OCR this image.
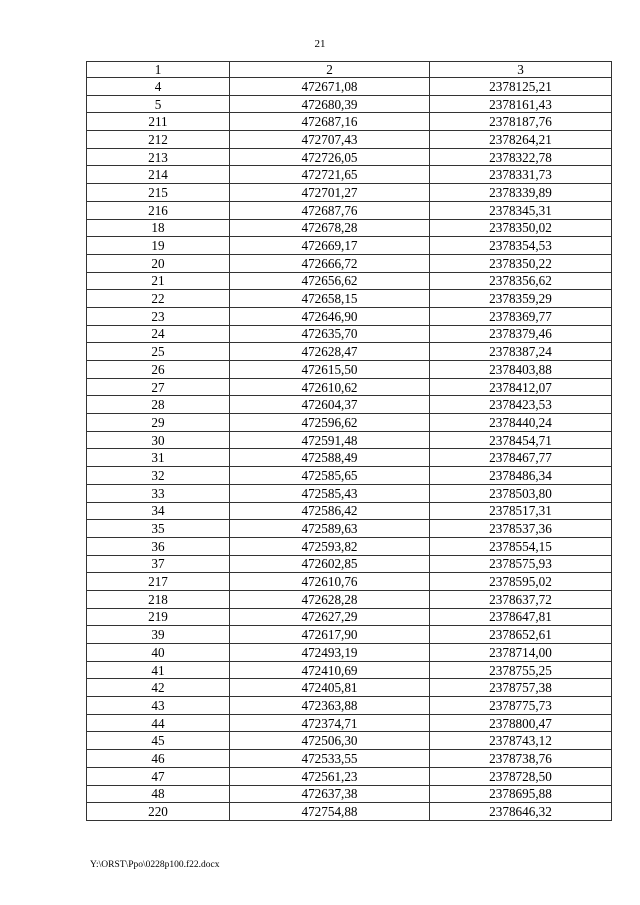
21
1	2	3
4	472671,08	2378125,21
5	472680,39	2378161,43
211	472687,16	2378187,76
212	472707,43	2378264,21
213	472726,05	2378322,78
214	472721,65	2378331,73
215	472701,27	2378339,89
216	472687,76	2378345,31
18	472678,28	2378350,02
19	472669,17	2378354,53
20	472666,72	2378350,22
21	472656,62	2378356,62
22	472658,15	2378359,29
23	472646,90	2378369,77
24	472635,70	2378379,46
25	472628,47	2378387,24
26	472615,50	2378403,88
27	472610,62	2378412,07
28	472604,37	2378423,53
29	472596,62	2378440,24
30	472591,48	2378454,71
31	472588,49	2378467,77
32	472585,65	2378486,34
33	472585,43	2378503,80
34	472586,42	2378517,31
35	472589,63	2378537,36
36	472593,82	2378554,15
37	472602,85	2378575,93
217	472610,76	2378595,02
218	472628,28	2378637,72
219	472627,29	2378647,81
39	472617,90	2378652,61
40	472493,19	2378714,00
41	472410,69	2378755,25
42	472405,81	2378757,38
43	472363,88	2378775,73
44	472374,71	2378800,47
45	472506,30	2378743,12
46	472533,55	2378738,76
47	472561,23	2378728,50
48	472637,38	2378695,88
220	472754,88	2378646,32
Y:\ORST\Ppo\0228p100.f22.docx
